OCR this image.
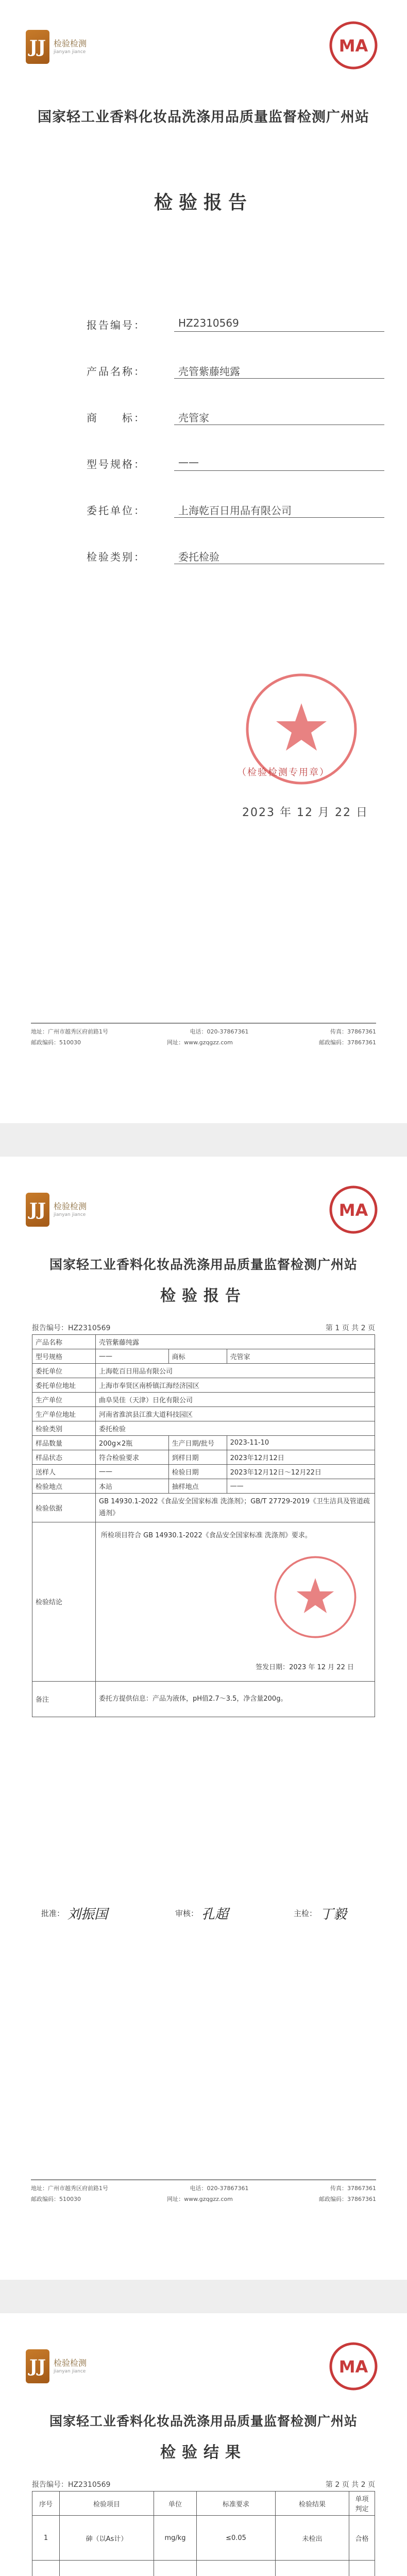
JJ 检验检测
jianyan jiance	MA
国家轻工业香料化妆品洗涤用品质量监督检测广州站
检验报告
报告编号：	HZ2310569
产品名称：	壳管紫藤纯露
商　　标：	壳管家
型号规格：	——
委托单位：	上海乾百日用品有限公司
检验类别：	委托检验
（检验检测专用章）
2023 年 12 月 22 日
地址：广州市越秀区府前路1号	电话：020-37867361	传真：37867361
邮政编码：510030	网址：www.gzqgzz.com	邮政编码：37867361
JJ 检验检测
jianyan jiance	MA
国家轻工业香料化妆品洗涤用品质量监督检测广州站
检验报告
报告编号：HZ2310569	第 1 页 共 2 页
产品名称	壳管紫藤纯露		
型号规格	——	商标	壳管家
委托单位	上海乾百日用品有限公司		
委托单位地址	上海市奉贤区南桥镇江海经济园区		
生产单位	曲阜昊佳（天津）日化有限公司		
生产单位地址	河南省淮滨县江淮大道科技园区		
检验类别	委托检验		
样品数量	200g×2瓶	生产日期/批号	2023-11-10
样品状态	符合检验要求	到样日期	2023年12月12日
送样人	——	检验日期	2023年12月12日～12月22日
检验地点	本站	抽样地点	——
检验依据	GB 14930.1-2022《食品安全国家标准 洗涤剂》；GB/T 27729-2019《卫生洁具及管道疏通剂》		
检验结论	所检项目符合 GB 14930.1-2022《食品安全国家标准 洗涤剂》要求。
签发日期：2023 年 12 月 22 日		

备注	委托方提供信息：产品为液体，pH值2.7～3.5，净含量200g。		
批准： 刘振国	审核： 孔超	主检： 丁毅
地址：广州市越秀区府前路1号	电话：020-37867361	传真：37867361
邮政编码：510030	网址：www.gzqgzz.com	邮政编码：37867361
JJ 检验检测
jianyan jiance	MA
国家轻工业香料化妆品洗涤用品质量监督检测广州站
检验结果
报告编号：HZ2310569	第 2 页 共 2 页
序号	检验项目	单位	标准要求	检验结果	单项判定
1	砷（以As计）	mg/kg	≤0.05	未检出	合格
